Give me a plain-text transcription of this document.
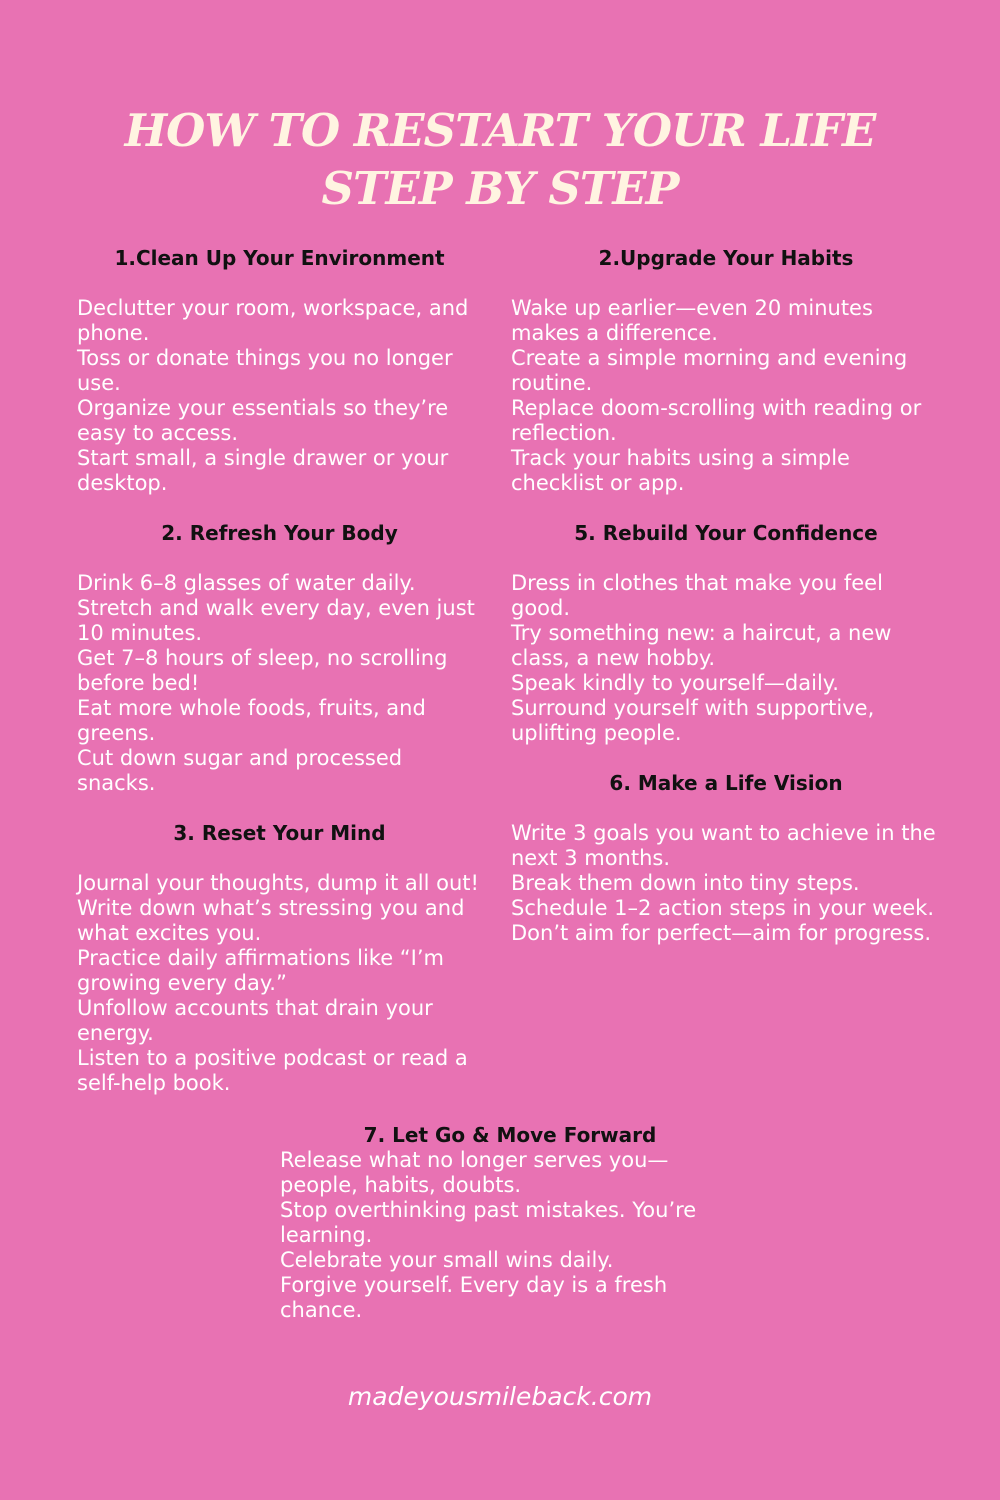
HOW TO RESTART YOUR LIFE
STEP BY STEP
1.Clean Up Your Environment
Declutter your room, workspace, and phone.
Toss or donate things you no longer use.
Organize your essentials so they’re easy to access.
Start small, a single drawer or your desktop.
2. Refresh Your Body
Drink 6–8 glasses of water daily.
Stretch and walk every day, even just 10 minutes.
Get 7–8 hours of sleep, no scrolling before bed!
Eat more whole foods, fruits, and greens.
Cut down sugar and processed snacks.
3. Reset Your Mind
Journal your thoughts, dump it all out!
Write down what’s stressing you and what excites you.
Practice daily affirmations like “I’m growing every day.”
Unfollow accounts that drain your energy.
Listen to a positive podcast or read a self-help book.
2.Upgrade Your Habits
Wake up earlier—even 20 minutes makes a difference.
Create a simple morning and evening routine.
Replace doom-scrolling with reading or reflection.
Track your habits using a simple checklist or app.
5. Rebuild Your Confidence
Dress in clothes that make you feel good.
Try something new: a haircut, a new class, a new hobby.
Speak kindly to yourself—daily.
Surround yourself with supportive, uplifting people.
6. Make a Life Vision
Write 3 goals you want to achieve in the next 3 months.
Break them down into tiny steps.
Schedule 1–2 action steps in your week.
Don’t aim for perfect—aim for progress.
7. Let Go & Move Forward
Release what no longer serves you—people, habits, doubts.
Stop overthinking past mistakes. You’re learning.
Celebrate your small wins daily.
Forgive yourself. Every day is a fresh chance.
madeyousmileback.com
